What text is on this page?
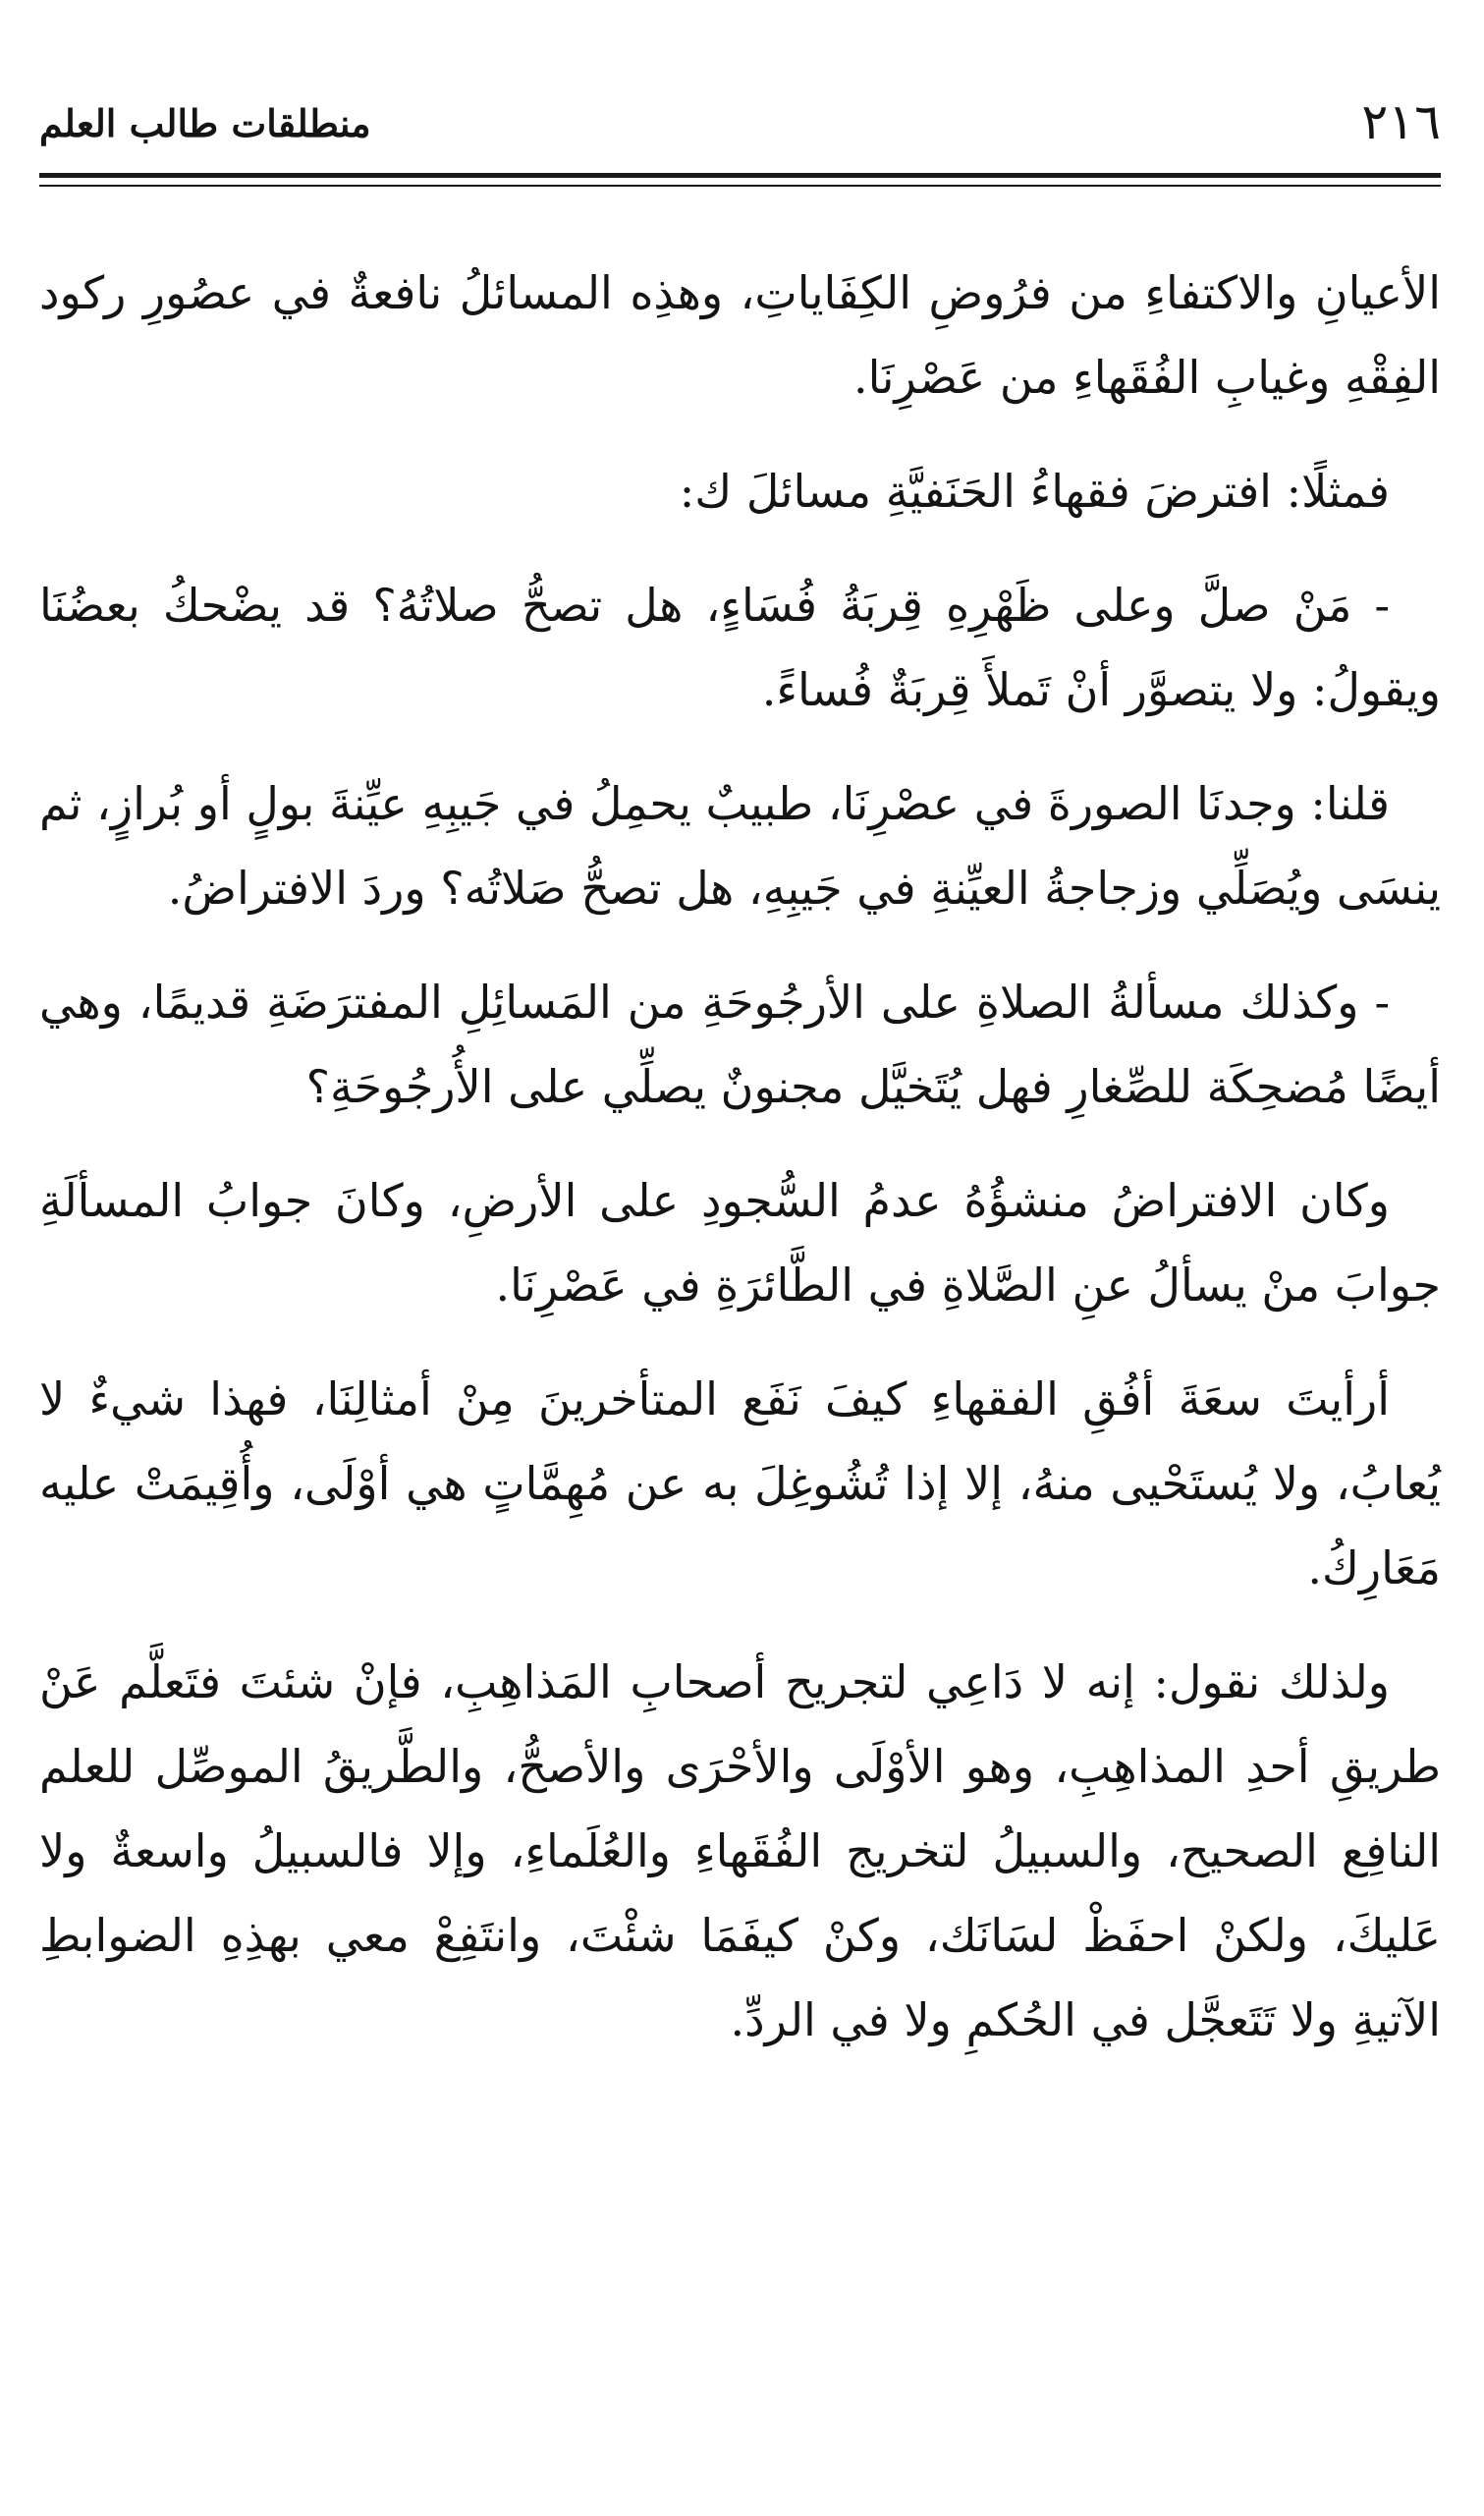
منطلقات طالب العلم	٢١٦

الأعيانِ والاكتفاءِ من فرُوضِ الكِفَاياتِ، وهذِه المسائلُ نافعةٌ في عصُورِ ركود الفِقْهِ وغيابِ الفُقَهاءِ من عَصْرِنَا.

فمثلًا: افترضَ فقهاءُ الحَنَفيَّةِ مسائلَ ك:

- مَنْ صلَّ وعلى ظَهْرِهِ قِربَةُ فُسَاءٍ، هل تصحُّ صلاتُهُ؟ قد يضْحكُ بعضُنَا ويقولُ: ولا يتصوَّر أنْ تَملأَ قِربَةٌ فُساءً.

قلنا: وجدنَا الصورةَ في عصْرِنَا، طبيبٌ يحمِلُ في جَيبِهِ عيِّنةَ بولٍ أو بُرازٍ، ثم ينسَى ويُصَلِّي وزجاجةُ العيِّنةِ في جَيبِهِ، هل تصحُّ صَلاتُه؟ وردَ الافتراضُ.

- وكذلك مسألةُ الصلاةِ على الأرجُوحَةِ من المَسائِلِ المفترَضَةِ قديمًا، وهي أيضًا مُضحِكَة للصِّغارِ فهل يُتَخيَّل مجنونٌ يصلِّي على الأُرجُوحَةِ؟

وكان الافتراضُ منشؤُهُ عدمُ السُّجودِ على الأرضِ، وكانَ جوابُ المسألَةِ جوابَ منْ يسألُ عنِ الصَّلاةِ في الطَّائرَةِ في عَصْرِنَا.

أرأيتَ سعَةَ أفُقِ الفقهاءِ كيفَ نَفَع المتأخرينَ مِنْ أمثالِنَا، فهذا شيءٌ لا يُعابُ، ولا يُستَحْيى منهُ، إلا إذا تُشُوغِلَ به عن مُهِمَّاتٍ هي أوْلَى، وأُقِيمَتْ عليه مَعَارِكُ.

ولذلك نقول: إنه لا دَاعِي لتجريح أصحابِ المَذاهِبِ، فإنْ شئتَ فتَعلَّم عَنْ طريقِ أحدِ المذاهِبِ، وهو الأوْلَى والأحْرَى والأصحُّ، والطَّريقُ الموصِّل للعلم النافِع الصحيح، والسبيلُ لتخريج الفُقَهاءِ والعُلَماءِ، وإلا فالسبيلُ واسعةٌ ولا عَليكَ، ولكنْ احفَظْ لسَانَك، وكنْ كيفَمَا شئْتَ، وانتَفِعْ معي بهذِهِ الضوابطِ الآتيةِ ولا تَتَعجَّل في الحُكمِ ولا في الردِّ.
